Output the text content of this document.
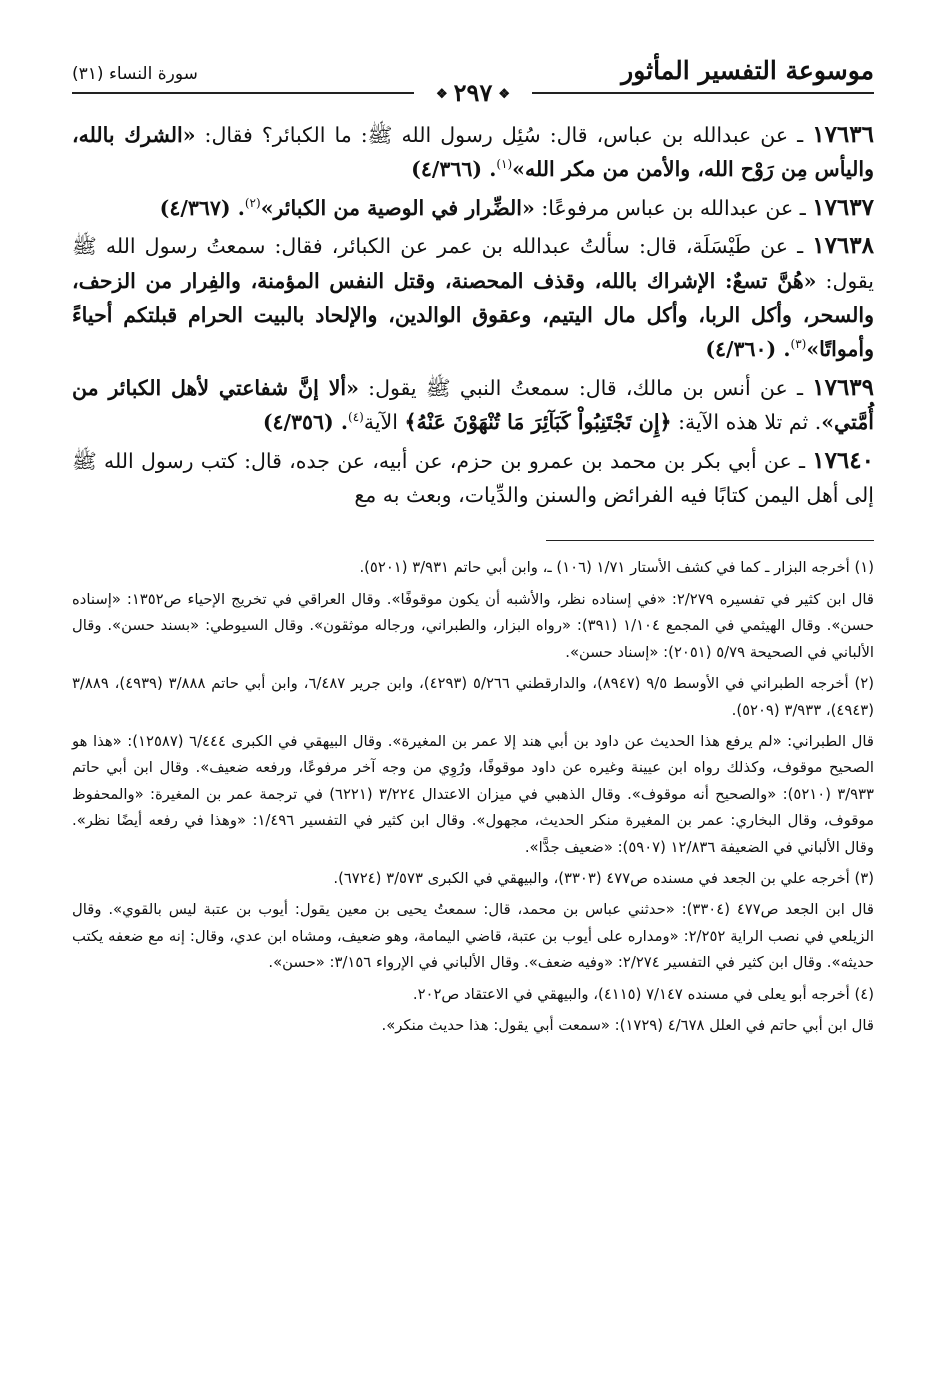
موسوعة التفسير المأثور
سورة النساء (٣١)
❖ ٢٩٧ ❖

١٧٦٣٦ ـ عن عبدالله بن عباس، قال: سُئِل رسول الله ﷺ: ما الكبائر؟ فقال: «الشرك بالله، واليأس مِن رَوْح الله، والأمن من مكر الله»$^{(١)}$. (٤/٣٦٦)

١٧٦٣٧ ـ عن عبدالله بن عباس مرفوعًا: «الضِّرار في الوصية من الكبائر»$^{(٢)}$. (٤/٣٦٧)

١٧٦٣٨ ـ عن طَيْسَلَة، قال: سألتُ عبدالله بن عمر عن الكبائر، فقال: سمعتُ رسول الله ﷺ يقول: «هُنَّ تسعٌ: الإشراك بالله، وقذف المحصنة، وقتل النفس المؤمنة، والفِرار من الزحف، والسحر، وأكل الربا، وأكل مال اليتيم، وعقوق الوالدين، والإلحاد بالبيت الحرام قبلتكم أحياءً وأمواتًا»$^{(٣)}$. (٤/٣٦٠)

١٧٦٣٩ ـ عن أنس بن مالك، قال: سمعتُ النبي ﷺ يقول: «ألا إنَّ شفاعتي لأهل الكبائر من أُمَّتي». ثم تلا هذه الآية: ﴿إِن تَجْتَنِبُواْ كَبَآئِرَ مَا تُنْهَوْنَ عَنْهُ﴾ الآية$^{(٤)}$. (٤/٣٥٦)

١٧٦٤٠ ـ عن أبي بكر بن محمد بن عمرو بن حزم، عن أبيه، عن جده، قال: كتب رسول الله ﷺ إلى أهل اليمن كتابًا فيه الفرائض والسنن والدِّيات، وبعث به مع

(١) أخرجه البزار ـ كما في كشف الأستار ١/٧١ (١٠٦) ـ، وابن أبي حاتم ٣/٩٣١ (٥٢٠١).

قال ابن كثير في تفسيره ٢/٢٧٩: «في إسناده نظر، والأشبه أن يكون موقوفًا». وقال العراقي في تخريج الإحياء ص١٣٥٢: «إسناده حسن». وقال الهيثمي في المجمع ١/١٠٤ (٣٩١): «رواه البزار، والطبراني، ورجاله موثقون». وقال السيوطي: «بسند حسن». وقال الألباني في الصحيحة ٥/٧٩ (٢٠٥١): «إسناد حسن».

(٢) أخرجه الطبراني في الأوسط ٩/٥ (٨٩٤٧)، والدارقطني ٥/٢٦٦ (٤٢٩٣)، وابن جرير ٦/٤٨٧، وابن أبي حاتم ٣/٨٨٨ (٤٩٣٩)، ٣/٨٨٩ (٤٩٤٣)، ٣/٩٣٣ (٥٢٠٩).

قال الطبراني: «لم يرفع هذا الحديث عن داود بن أبي هند إلا عمر بن المغيرة». وقال البيهقي في الكبرى ٦/٤٤٤ (١٢٥٨٧): «هذا هو الصحيح موقوف، وكذلك رواه ابن عيينة وغيره عن داود موقوفًا، ورُوِي من وجه آخر مرفوعًا، ورفعه ضعيف». وقال ابن أبي حاتم ٣/٩٣٣ (٥٢١٠): «والصحيح أنه موقوف». وقال الذهبي في ميزان الاعتدال ٣/٢٢٤ (٦٢٢١) في ترجمة عمر بن المغيرة: «والمحفوظ موقوف، وقال البخاري: عمر بن المغيرة منكر الحديث، مجهول». وقال ابن كثير في التفسير ١/٤٩٦: «وهذا في رفعه أيضًا نظر». وقال الألباني في الضعيفة ١٢/٨٣٦ (٥٩٠٧): «ضعيف جدًّا».

(٣) أخرجه علي بن الجعد في مسنده ص٤٧٧ (٣٣٠٣)، والبيهقي في الكبرى ٣/٥٧٣ (٦٧٢٤).

قال ابن الجعد ص٤٧٧ (٣٣٠٤): «حدثني عباس بن محمد، قال: سمعتُ يحيى بن معين يقول: أيوب بن عتبة ليس بالقوي». وقال الزيلعي في نصب الراية ٢/٢٥٢: «ومداره على أيوب بن عتبة، قاضي اليمامة، وهو ضعيف، ومشاه ابن عدي، وقال: إنه مع ضعفه يكتب حديثه». وقال ابن كثير في التفسير ٢/٢٧٤: «وفيه ضعف». وقال الألباني في الإرواء ٣/١٥٦: «حسن».

(٤) أخرجه أبو يعلى في مسنده ٧/١٤٧ (٤١١٥)، والبيهقي في الاعتقاد ص٢٠٢.

قال ابن أبي حاتم في العلل ٤/٦٧٨ (١٧٢٩): «سمعت أبي يقول: هذا حديث منكر».
